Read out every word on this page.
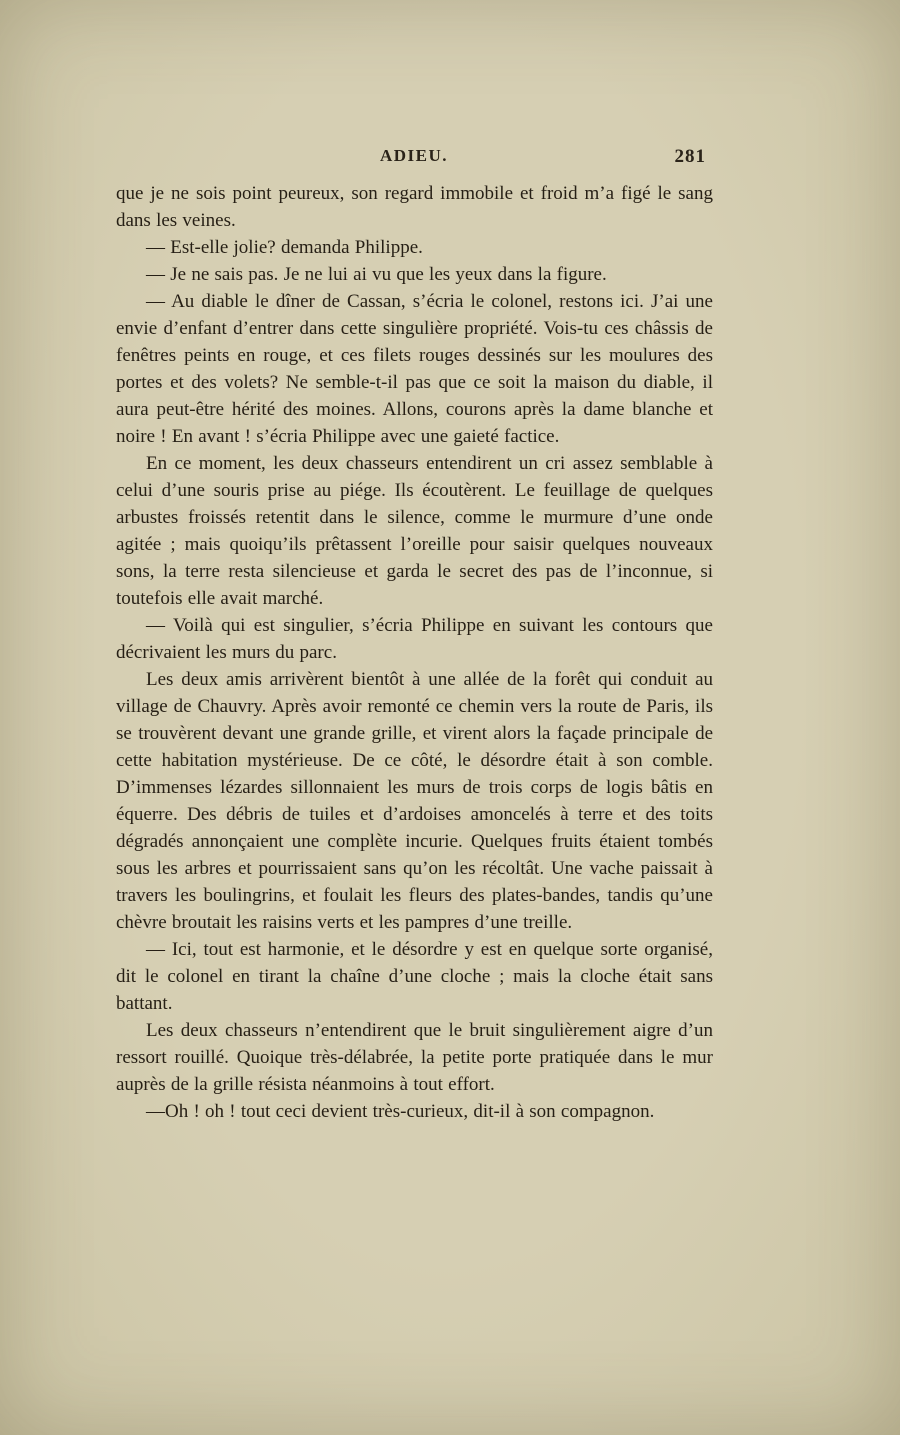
ADIEU.	281

que je ne sois point peureux, son regard immobile et froid m’a figé le sang dans les veines.

— Est-elle jolie? demanda Philippe.

— Je ne sais pas. Je ne lui ai vu que les yeux dans la figure.

— Au diable le dîner de Cassan, s’écria le colonel, restons ici. J’ai une envie d’enfant d’entrer dans cette singulière propriété. Vois-tu ces châssis de fenêtres peints en rouge, et ces filets rouges dessinés sur les moulures des portes et des volets? Ne semble-t-il pas que ce soit la maison du diable, il aura peut-être hérité des moines. Allons, courons après la dame blanche et noire ! En avant ! s’écria Philippe avec une gaieté factice.

En ce moment, les deux chasseurs entendirent un cri assez semblable à celui d’une souris prise au piége. Ils écoutèrent. Le feuillage de quelques arbustes froissés retentit dans le silence, comme le murmure d’une onde agitée ; mais quoiqu’ils prêtassent l’oreille pour saisir quelques nouveaux sons, la terre resta silencieuse et garda le secret des pas de l’inconnue, si toutefois elle avait marché.

— Voilà qui est singulier, s’écria Philippe en suivant les contours que décrivaient les murs du parc.

Les deux amis arrivèrent bientôt à une allée de la forêt qui conduit au village de Chauvry. Après avoir remonté ce chemin vers la route de Paris, ils se trouvèrent devant une grande grille, et virent alors la façade principale de cette habitation mystérieuse. De ce côté, le désordre était à son comble. D’immenses lézardes sillonnaient les murs de trois corps de logis bâtis en équerre. Des débris de tuiles et d’ardoises amoncelés à terre et des toits dégradés annonçaient une complète incurie. Quelques fruits étaient tombés sous les arbres et pourrissaient sans qu’on les récoltât. Une vache paissait à travers les boulingrins, et foulait les fleurs des plates-bandes, tandis qu’une chèvre broutait les raisins verts et les pampres d’une treille.

— Ici, tout est harmonie, et le désordre y est en quelque sorte organisé, dit le colonel en tirant la chaîne d’une cloche ; mais la cloche était sans battant.

Les deux chasseurs n’entendirent que le bruit singulièrement aigre d’un ressort rouillé. Quoique très-délabrée, la petite porte pratiquée dans le mur auprès de la grille résista néanmoins à tout effort.

—Oh ! oh ! tout ceci devient très-curieux, dit-il à son compagnon.
